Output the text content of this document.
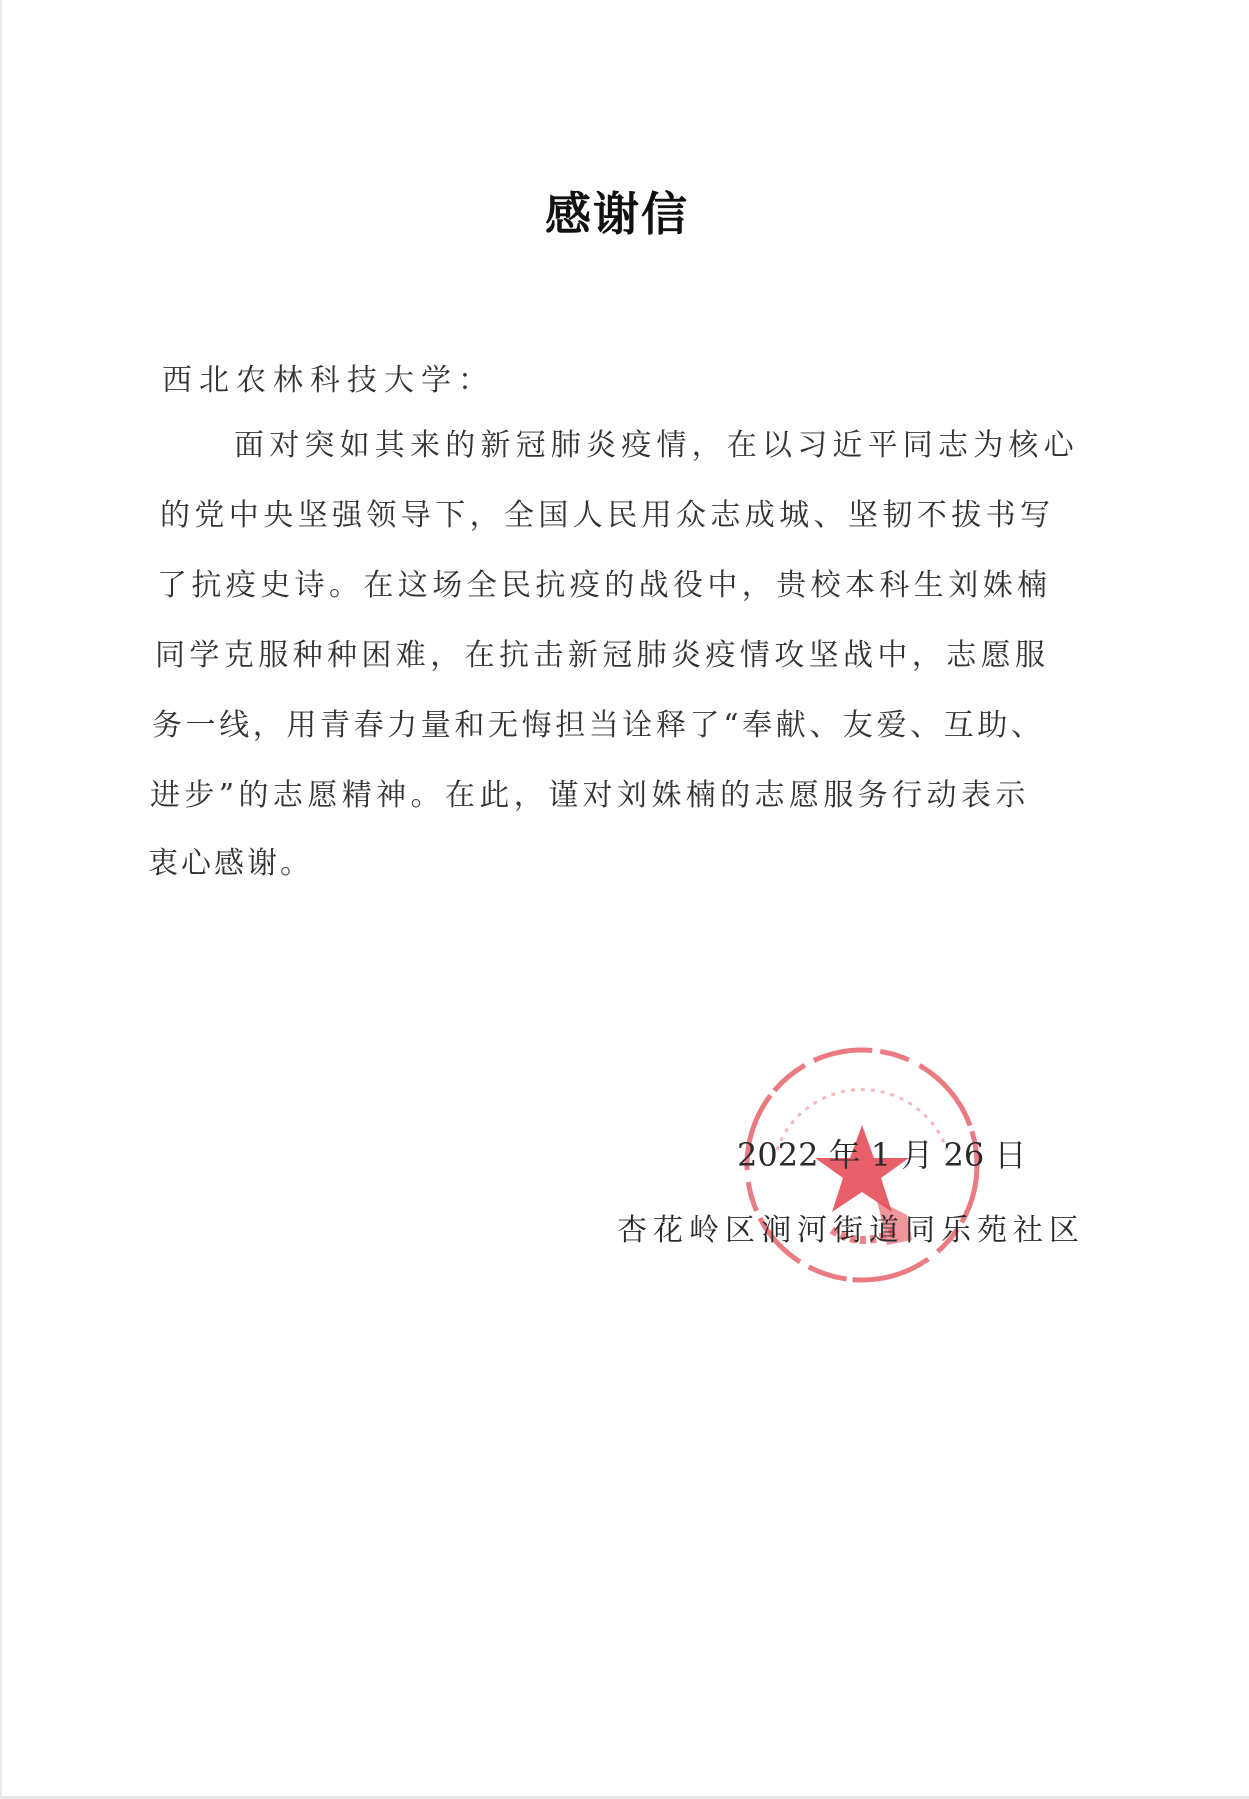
感谢信
西北农林科技大学：
面对突如其来的新冠肺炎疫情，在以习近平同志为核心
的党中央坚强领导下，全国人民用众志成城、坚韧不拔书写
了抗疫史诗。在这场全民抗疫的战役中，贵校本科生刘姝楠
同学克服种种困难，在抗击新冠肺炎疫情攻坚战中，志愿服
务一线，用青春力量和无悔担当诠释了“奉献、友爱、互助、
进步”的志愿精神。在此，谨对刘姝楠的志愿服务行动表示
衷心感谢。
2022 年 1 月 26 日
杏花岭区涧河街道同乐苑社区
